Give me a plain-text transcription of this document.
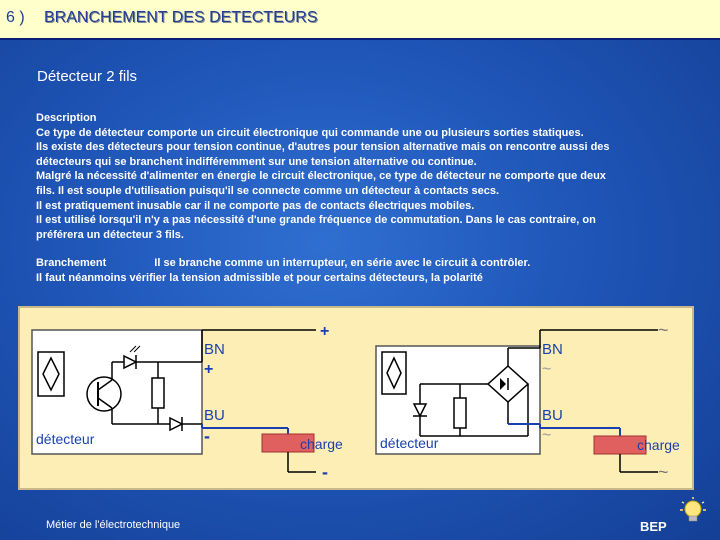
6 ) BRANCHEMENT DES DETECTEURS
Détecteur 2 fils
Description
Ce type de détecteur comporte un circuit électronique qui commande une ou plusieurs sorties statiques.
Ils existe des détecteurs pour tension continue, d'autres pour tension alternative mais on rencontre aussi des
détecteurs qui se branchent indifféremment sur une tension alternative ou continue.
Malgré la nécessité d'alimenter en énergie le circuit électronique, ce type de détecteur ne comporte que deux
fils. Il est souple d'utilisation puisqu'il se connecte comme un détecteur à contacts secs.
Il est pratiquement inusable car il ne comporte pas de contacts électriques mobiles.
Il est utilisé lorsqu'il n'y a pas nécessité d'une grande fréquence de commutation. Dans le cas contraire, on
préférera un détecteur 3 fils.
Branchement	Il se branche comme un interrupteur, en série avec le circuit à contrôler.
Il faut néanmoins vérifier la tension admissible et pour certains détecteurs, la polarité
détecteur
+
BN
+
BU
-	charge
-
détecteur
BN
BU
charge
~
~
~
~
Métier de l'électrotechnique	BEP
